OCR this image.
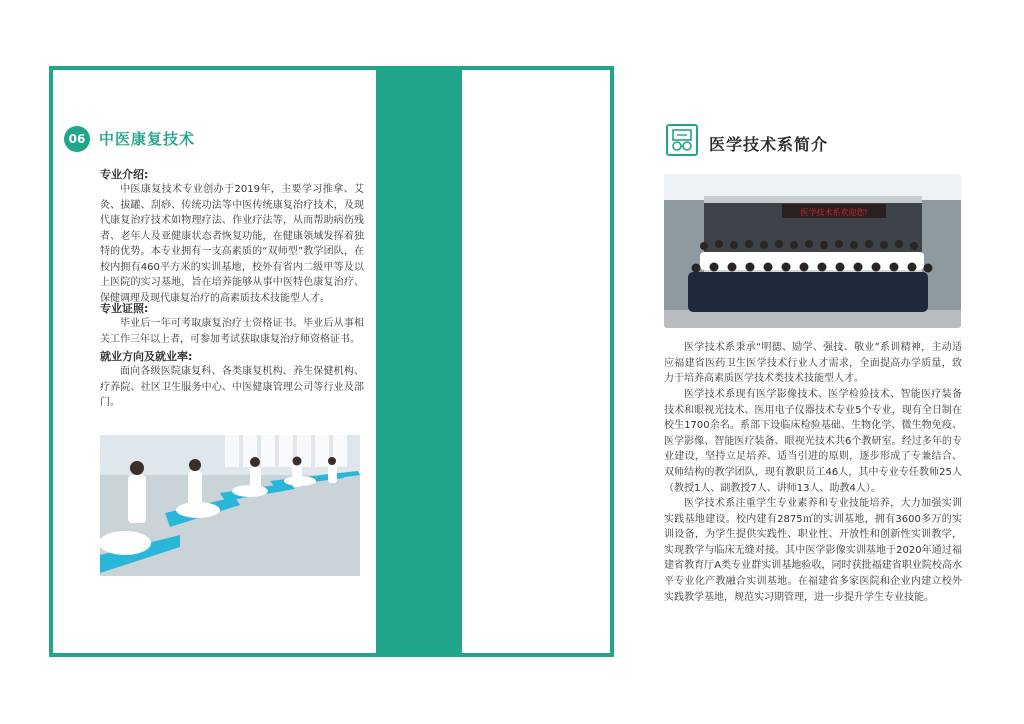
06 中医康复技术
专业介绍:
中医康复技术专业创办于2019年，主要学习推拿、艾灸、拔罐、刮痧、传统功法等中医传统康复治疗技术，及现代康复治疗技术如物理疗法、作业疗法等，从而帮助病伤残者、老年人及亚健康状态者恢复功能，在健康领域发挥着独特的优势。本专业拥有一支高素质的“双师型”教学团队，在校内拥有460平方米的实训基地，校外有省内二级甲等及以上医院的实习基地，旨在培养能够从事中医特色康复治疗、保健调理及现代康复治疗的高素质技术技能型人才。
专业证照:
毕业后一年可考取康复治疗士资格证书。毕业后从事相关工作三年以上者，可参加考试获取康复治疗师资格证书。
就业方向及就业率:
面向各级医院康复科、各类康复机构、养生保健机构、疗养院、社区卫生服务中心、中医健康管理公司等行业及部门。
医学技术系简介
医学技术系欢迎您!
医学技术系秉承“明德、励学、强技、敬业”系训精神，主动适应福建省医药卫生医学技术行业人才需求，全面提高办学质量，致力于培养高素质医学技术类技术技能型人才。
医学技术系现有医学影像技术、医学检验技术、智能医疗装备技术和眼视光技术、医用电子仪器技术专业5个专业，现有全日制在校生1700余名。系部下设临床检验基础、生物化学、微生物免疫、医学影像、智能医疗装备、眼视光技术共6个教研室。经过多年的专业建设，坚持立足培养、适当引进的原则，逐步形成了专兼结合、双师结构的教学团队，现有教职员工46人，其中专业专任教师25人（教授1人、副教授7人、讲师13人、助教4人）。
医学技术系注重学生专业素养和专业技能培养，大力加强实训实践基地建设。校内建有2875㎡的实训基地，拥有3600多万的实训设备，为学生提供实践性、职业性、开放性和创新性实训教学，实现教学与临床无缝对接。其中医学影像实训基地于2020年通过福建省教育厅A类专业群实训基地验收，同时获批福建省职业院校高水平专业化产教融合实训基地。在福建省多家医院和企业内建立校外实践教学基地，规范实习期管理，进一步提升学生专业技能。
